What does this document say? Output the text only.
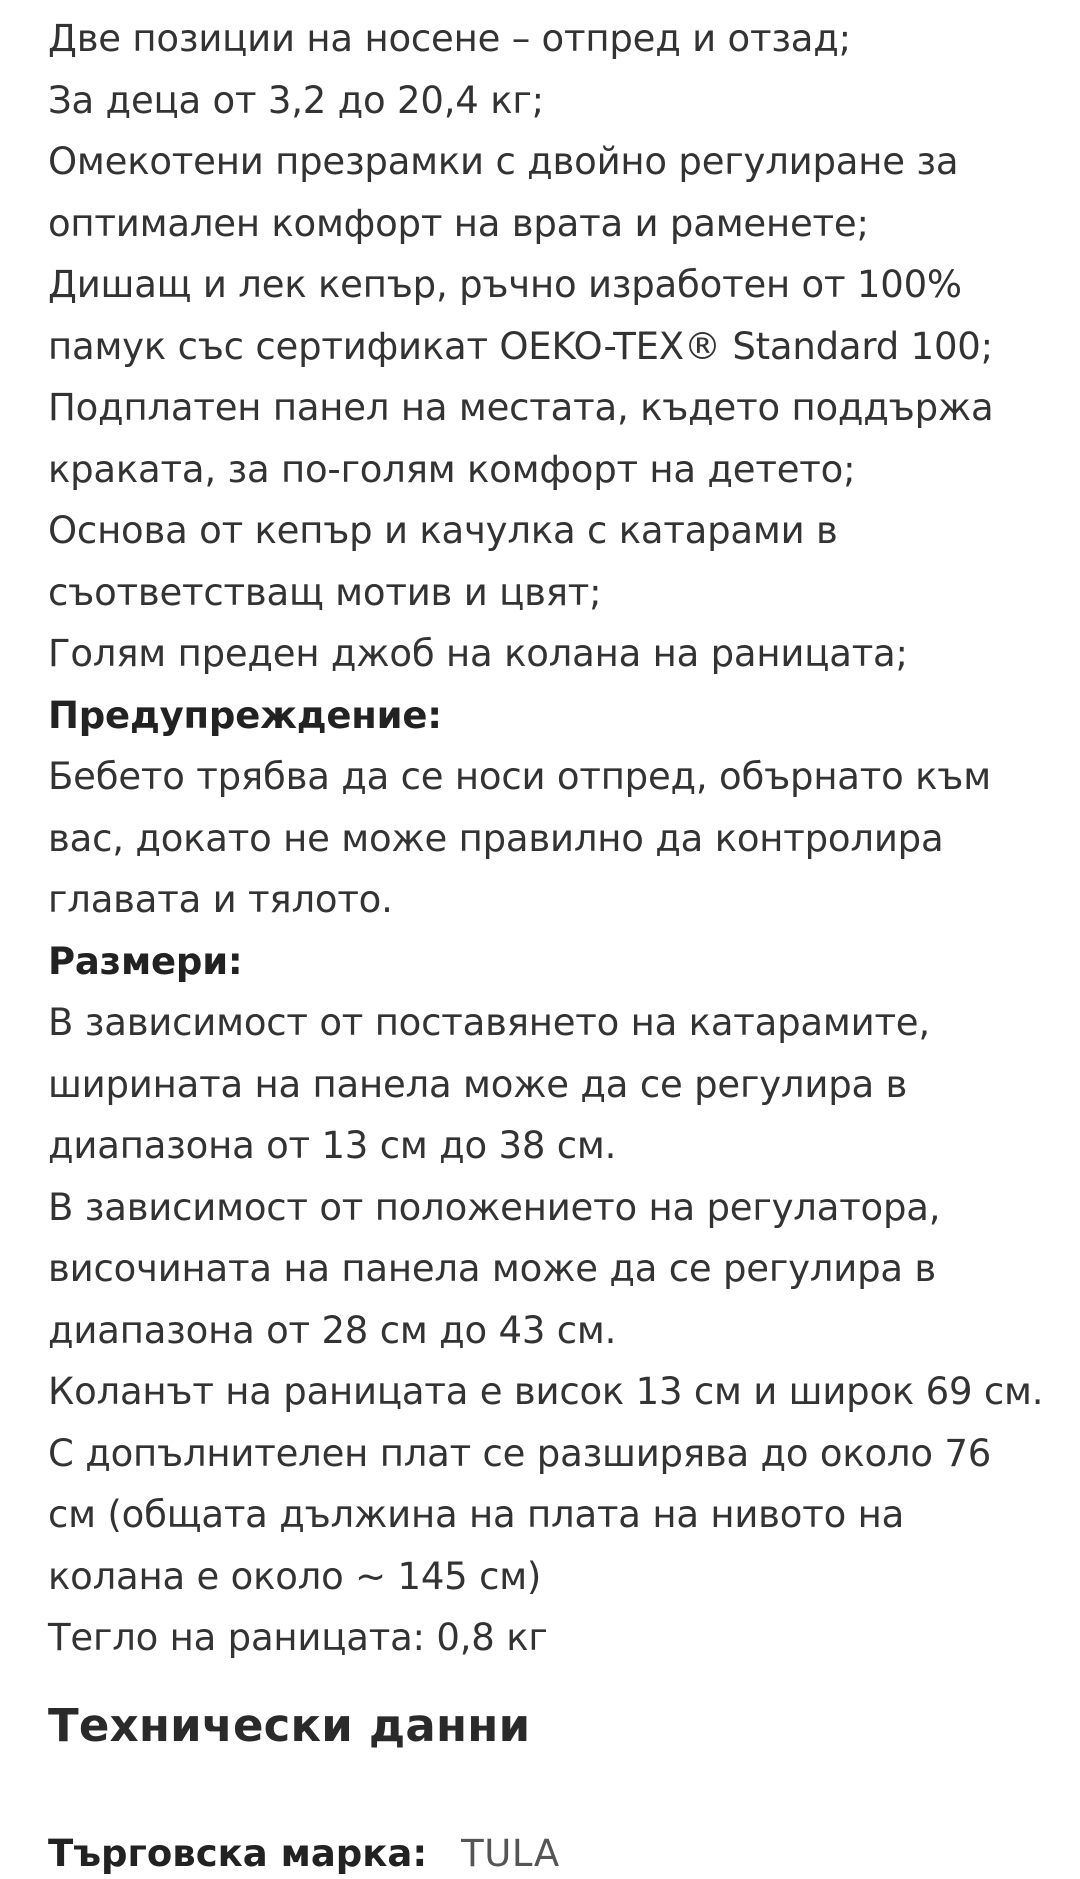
Две позиции на носене – отпред и отзад;
За деца от 3,2 до 20,4 кг;
Омекотени презрамки с двойно регулиране за
оптимален комфорт на врата и раменете;
Дишащ и лек кепър, ръчно изработен от 100%
памук със сертификат OEKO-TEX® Standard 100;
Подплатен панел на местата, където поддържа
краката, за по-голям комфорт на детето;
Основа от кепър и качулка с катарами в
съответстващ мотив и цвят;
Голям преден джоб на колана на раницата;
Предупреждение:
Бебето трябва да се носи отпред, обърнато към
вас, докато не може правилно да контролира
главата и тялото.
Размери:
В зависимост от поставянето на катарамите,
ширината на панела може да се регулира в
диапазона от 13 см до 38 см.
В зависимост от положението на регулатора,
височината на панела може да се регулира в
диапазона от 28 см до 43 см.
Коланът на раницата е висок 13 см и широк 69 см.
С допълнителен плат се разширява до около 76
см (общата дължина на плата на нивото на
колана е около ~ 145 см)
Тегло на раницата: 0,8 кг
Технически данни
Търговска марка: TULA
